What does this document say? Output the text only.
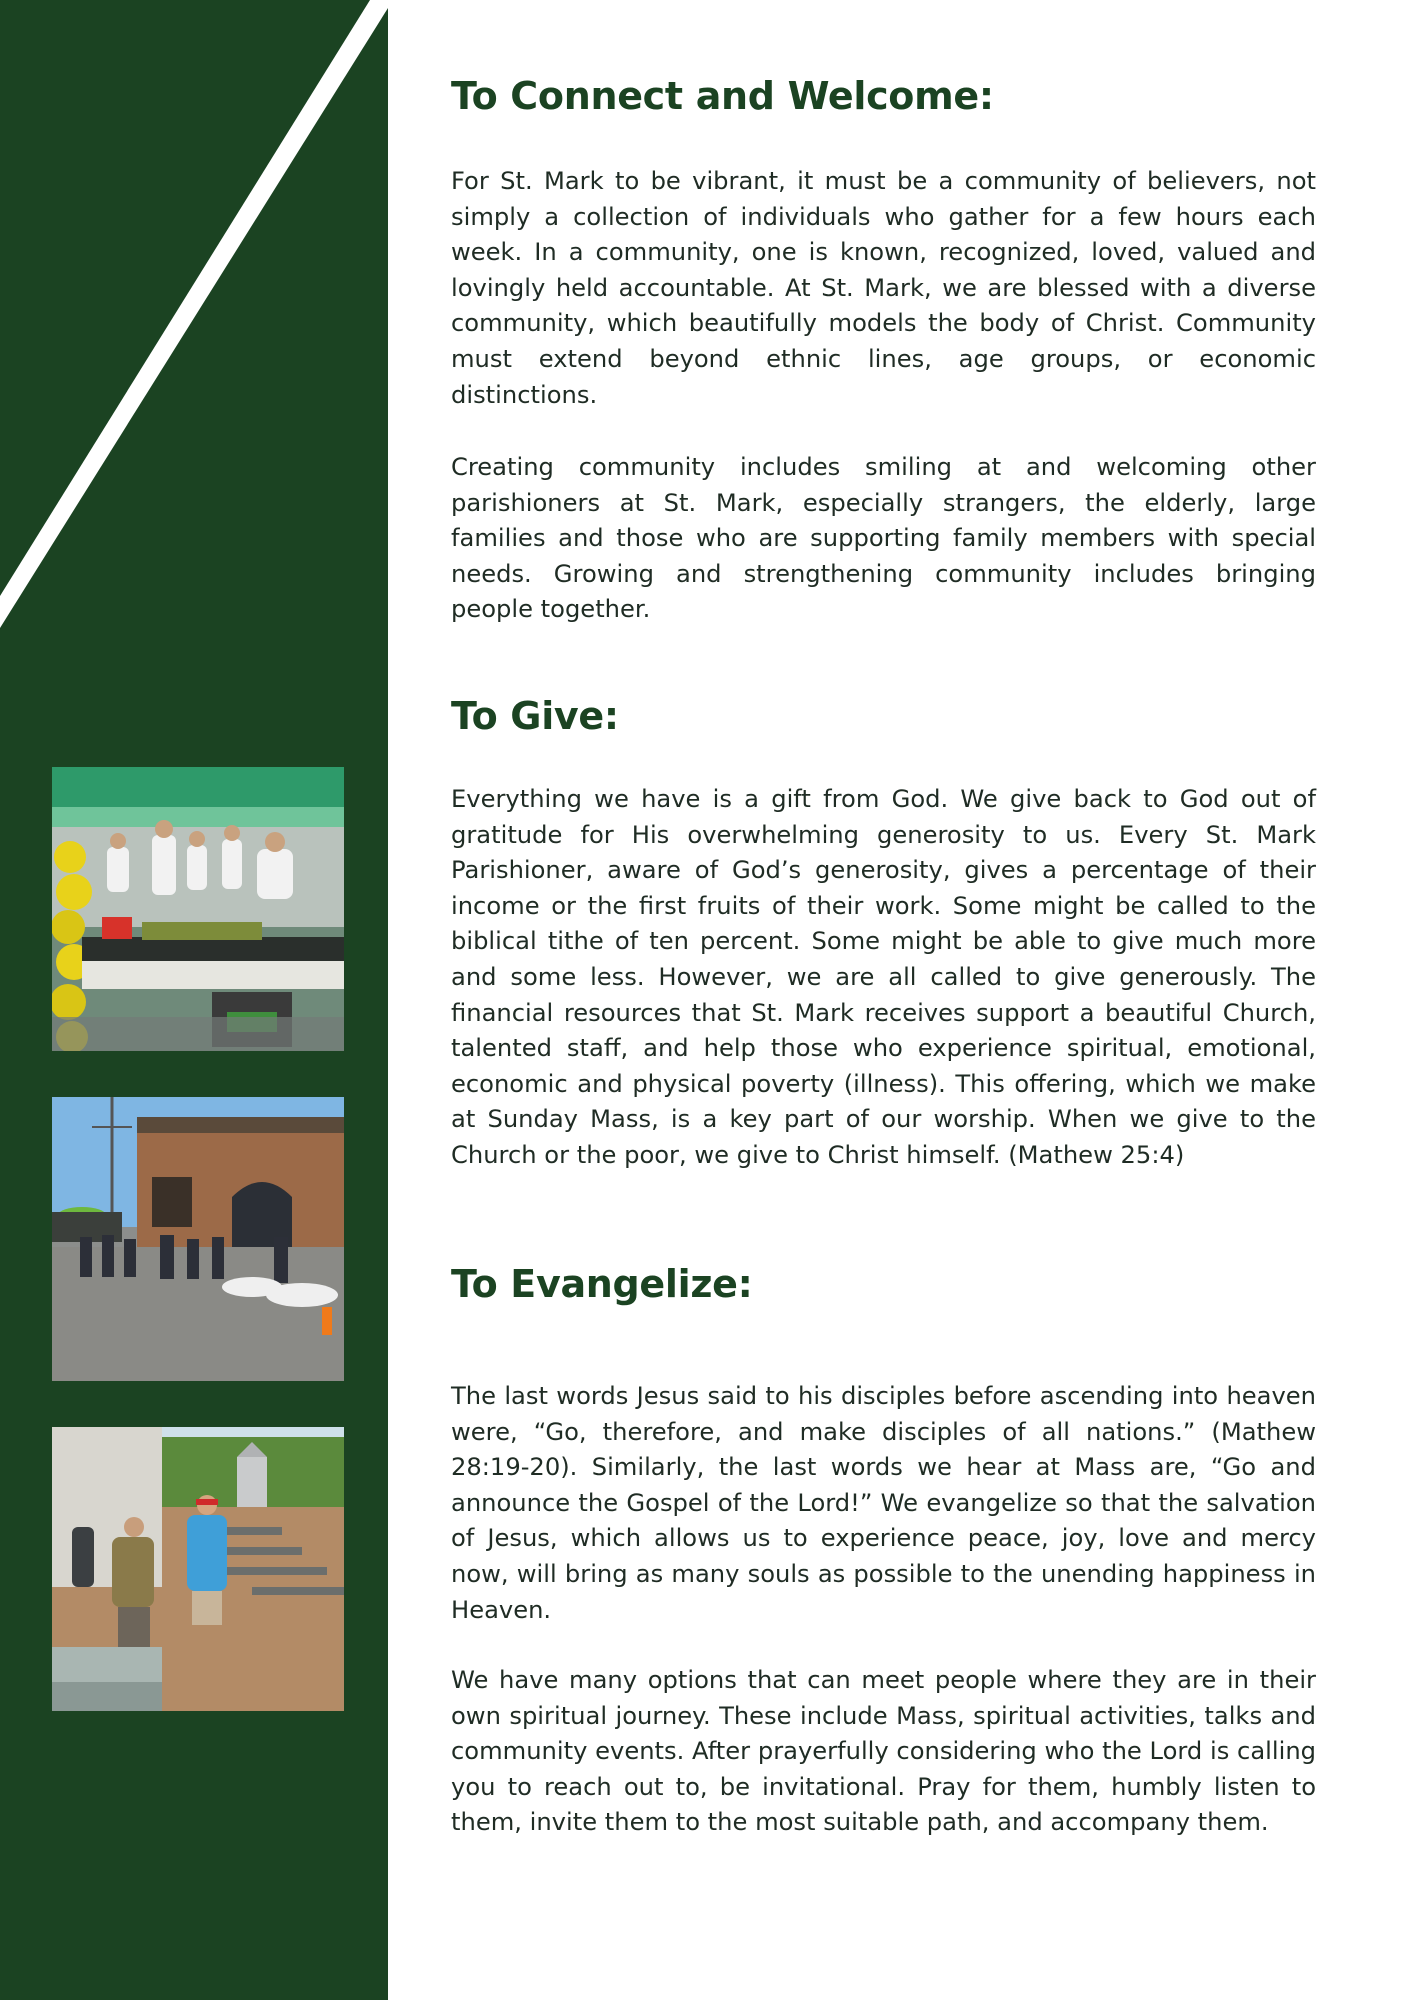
To Connect and Welcome:

For St. Mark to be vibrant, it must be a community of believers, not simply a collection of individuals who gather for a few hours each week. In a community, one is known, recognized, loved, valued and lovingly held accountable. At St. Mark, we are blessed with a diverse community, which beautifully models the body of Christ. Community must extend beyond ethnic lines, age groups, or economic distinctions.

Creating community includes smiling at and welcoming other parishioners at St. Mark, especially strangers, the elderly, large families and those who are supporting family members with special needs. Growing and strengthening community includes bringing people together.

To Give:

Everything we have is a gift from God. We give back to God out of gratitude for His overwhelming generosity to us. Every St. Mark Parishioner, aware of God’s generosity, gives a percentage of their income or the first fruits of their work. Some might be called to the biblical tithe of ten percent. Some might be able to give much more and some less. However, we are all called to give generously. The financial resources that St. Mark receives support a beautiful Church, talented staff, and help those who experience spiritual, emotional, economic and physical poverty (illness). This offering, which we make at Sunday Mass, is a key part of our worship. When we give to the Church or the poor, we give to Christ himself. (Mathew 25:4)

To Evangelize:

The last words Jesus said to his disciples before ascending into heaven were, “Go, therefore, and make disciples of all nations.” (Mathew 28:19-20). Similarly, the last words we hear at Mass are, “Go and announce the Gospel of the Lord!” We evangelize so that the salvation of Jesus, which allows us to experience peace, joy, love and mercy now, will bring as many souls as possible to the unending happiness in Heaven.

We have many options that can meet people where they are in their own spiritual journey. These include Mass, spiritual activities, talks and community events. After prayerfully considering who the Lord is calling you to reach out to, be invitational. Pray for them, humbly listen to them, invite them to the most suitable path, and accompany them.
